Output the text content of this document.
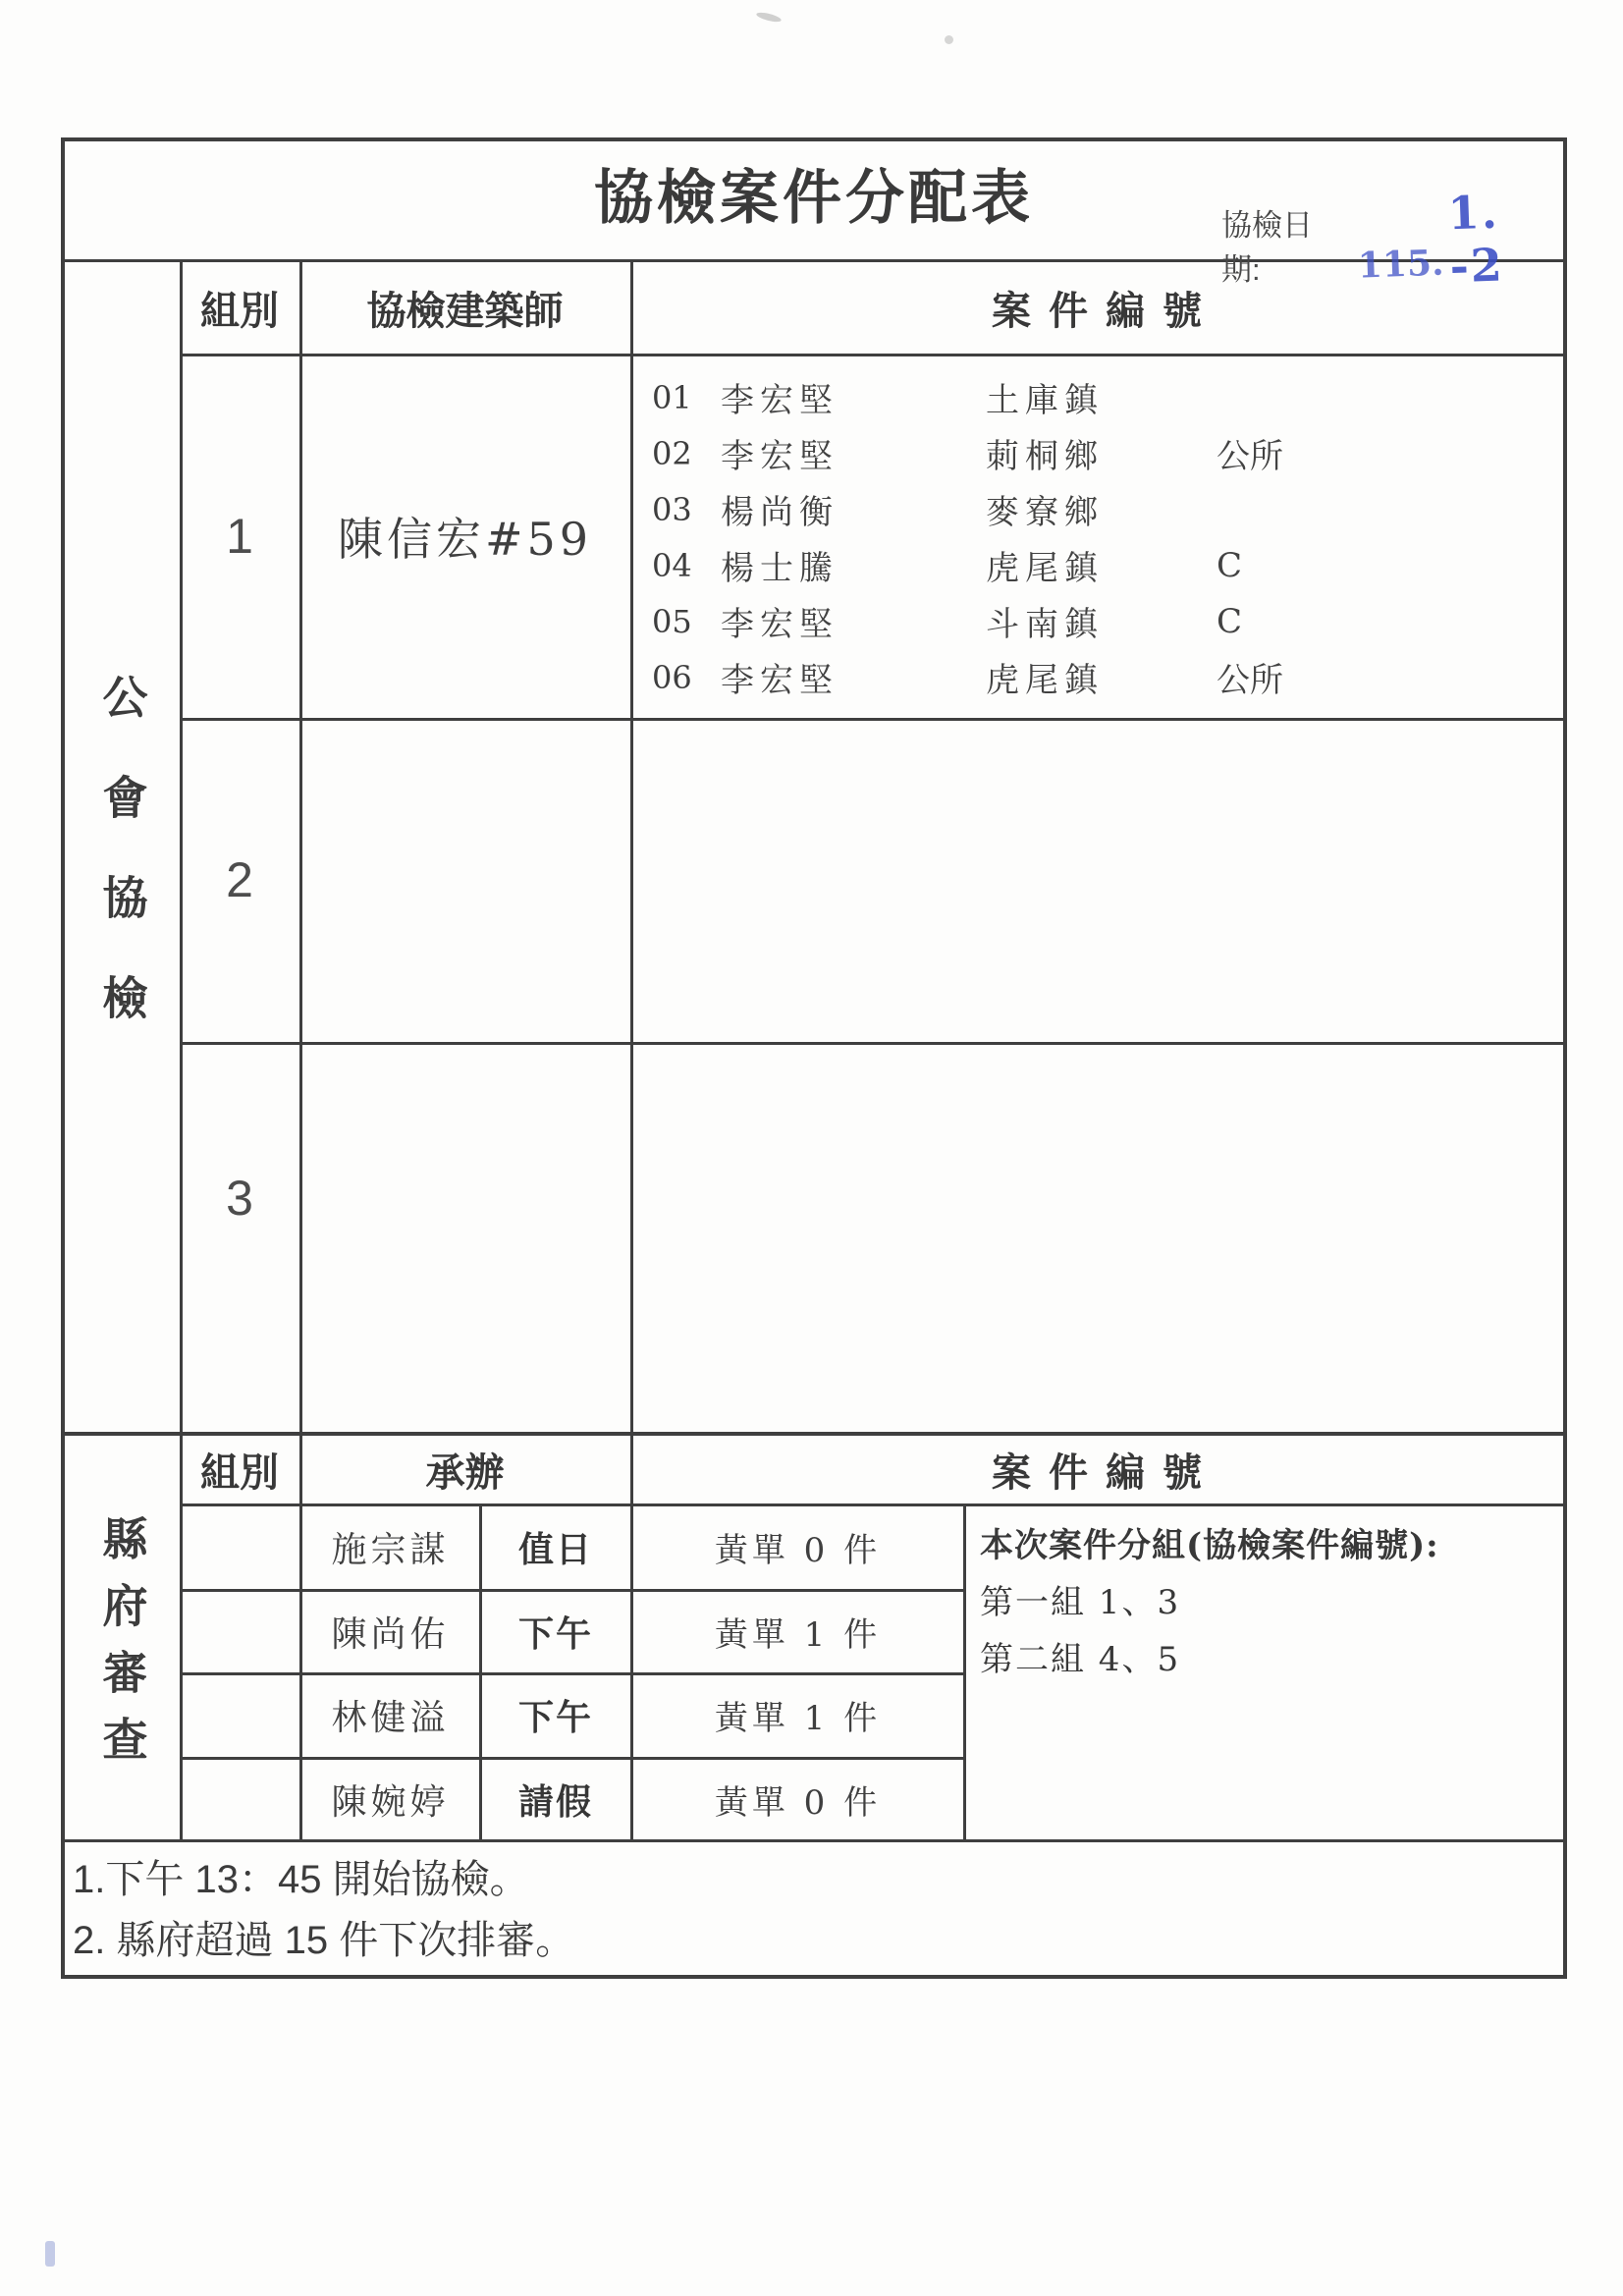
協檢案件分配表	協檢日期:	115.
1. -2
公會協檢
組別	協檢建築師	案件編號
1	陳信宏#59
01 李宏堅	土庫鎮
02 李宏堅	莿桐鄉	公所
03 楊尚衡	麥寮鄉
04 楊士騰	虎尾鎮	C
05 李宏堅	斗南鎮	C
06 李宏堅	虎尾鎮	公所
2
3
縣府審查
組別	承辦	案件編號
施宗謀	值日	黃單 0 件
陳尚佑	下午	黃單 1 件
林健溢	下午	黃單 1 件
陳婉婷	請假	黃單 0 件
本次案件分組(協檢案件編號):
第一組 1、3
第二組 4、5
1.下午 13：45 開始協檢。
2. 縣府超過 15 件下次排審。
